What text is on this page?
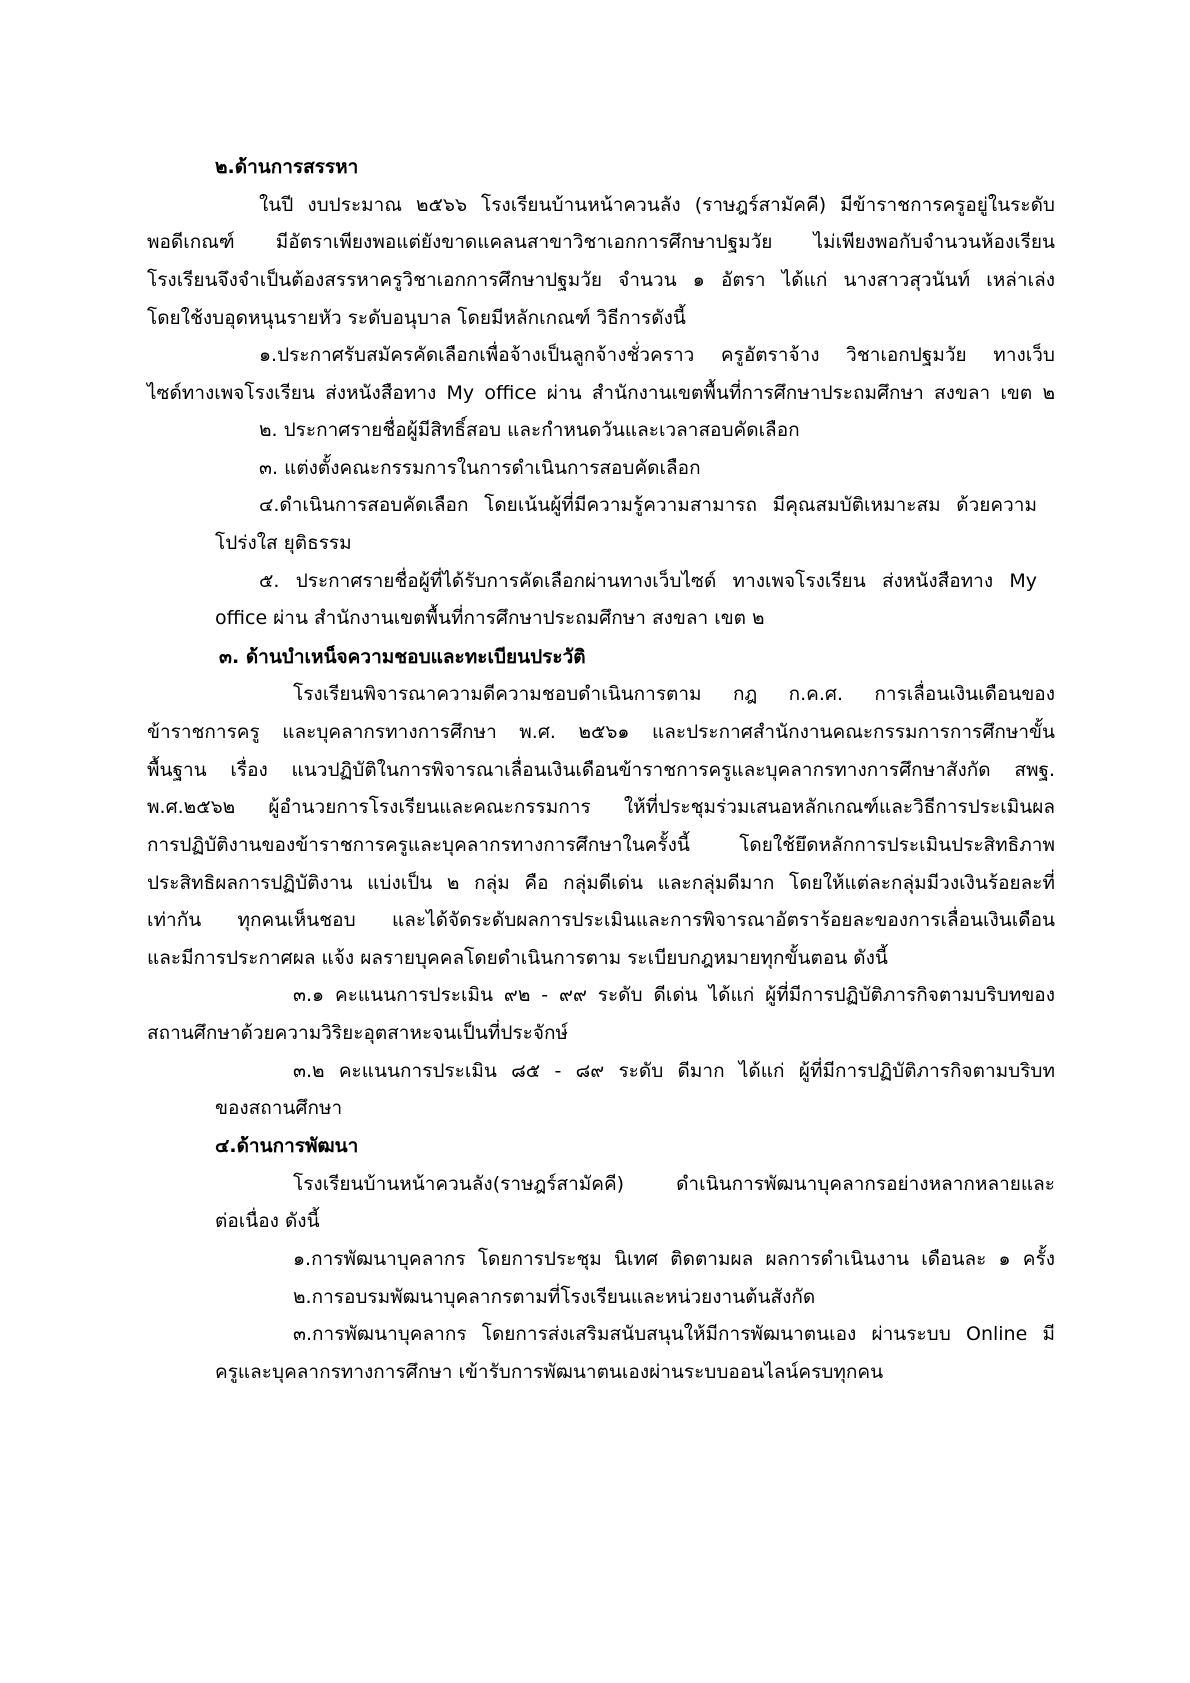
๒.ด้านการสรรหา
ในปี งบประมาณ ๒๕๖๖ โรงเรียนบ้านหน้าควนลัง (ราษฎร์สามัคคี) มีข้าราชการครูอยู่ในระดับ
พอดีเกณฑ์ มีอัตราเพียงพอแต่ยังขาดแคลนสาขาวิชาเอกการศึกษาปฐมวัย ไม่เพียงพอกับจำนวนห้องเรียน
โรงเรียนจึงจำเป็นต้องสรรหาครูวิชาเอกการศึกษาปฐมวัย จำนวน ๑ อัตรา ได้แก่ นางสาวสุวนันท์ เหล่าเล่ง
โดยใช้งบอุดหนุนรายหัว ระดับอนุบาล โดยมีหลักเกณฑ์ วิธีการดังนี้
๑.ประกาศรับสมัครคัดเลือกเพื่อจ้างเป็นลูกจ้างชั่วคราว ครูอัตราจ้าง วิชาเอกปฐมวัย ทางเว็บ
ไซด์ทางเพจโรงเรียน ส่งหนังสือทาง My office ผ่าน สำนักงานเขตพื้นที่การศึกษาประถมศึกษา สงขลา เขต ๒
๒. ประกาศรายชื่อผู้มีสิทธิ์สอบ และกำหนดวันและเวลาสอบคัดเลือก
๓. แต่งตั้งคณะกรรมการในการดำเนินการสอบคัดเลือก
๔.ดำเนินการสอบคัดเลือก โดยเน้นผู้ที่มีความรู้ความสามารถ มีคุณสมบัติเหมาะสม ด้วยความ
โปร่งใส ยุติธรรม
๕. ประกาศรายชื่อผู้ที่ได้รับการคัดเลือกผ่านทางเว็บไซด์ ทางเพจโรงเรียน ส่งหนังสือทาง My
office ผ่าน สำนักงานเขตพื้นที่การศึกษาประถมศึกษา สงขลา เขต ๒
๓. ด้านบำเหน็จความชอบและทะเบียนประวัติ
โรงเรียนพิจารณาความดีความชอบดำเนินการตาม กฎ ก.ค.ศ. การเลื่อนเงินเดือนของ
ข้าราชการครู และบุคลากรทางการศึกษา พ.ศ. ๒๕๖๑ และประกาศสำนักงานคณะกรรมการการศึกษาขั้น
พื้นฐาน เรื่อง แนวปฏิบัติในการพิจารณาเลื่อนเงินเดือนข้าราชการครูและบุคลากรทางการศึกษาสังกัด สพฐ.
พ.ศ.๒๕๖๒ ผู้อำนวยการโรงเรียนและคณะกรรมการ ให้ที่ประชุมร่วมเสนอหลักเกณฑ์และวิธีการประเมินผล
การปฏิบัติงานของข้าราชการครูและบุคลากรทางการศึกษาในครั้งนี้ โดยใช้ยึดหลักการประเมินประสิทธิภาพ
ประสิทธิผลการปฏิบัติงาน แบ่งเป็น ๒ กลุ่ม คือ กลุ่มดีเด่น และกลุ่มดีมาก โดยให้แต่ละกลุ่มมีวงเงินร้อยละที่
เท่ากัน ทุกคนเห็นชอบ และได้จัดระดับผลการประเมินและการพิจารณาอัตราร้อยละของการเลื่อนเงินเดือน
และมีการประกาศผล แจ้ง ผลรายบุคคลโดยดำเนินการตาม ระเบียบกฎหมายทุกขั้นตอน ดังนี้
๓.๑ คะแนนการประเมิน ๙๒ - ๙๙ ระดับ ดีเด่น ได้แก่ ผู้ที่มีการปฏิบัติภารกิจตามบริบทของ
สถานศึกษาด้วยความวิริยะอุตสาหะจนเป็นที่ประจักษ์
๓.๒ คะแนนการประเมิน ๘๕ - ๘๙ ระดับ ดีมาก ได้แก่ ผู้ที่มีการปฏิบัติภารกิจตามบริบท
ของสถานศึกษา
๔.ด้านการพัฒนา
โรงเรียนบ้านหน้าควนลัง(ราษฎร์สามัคคี) ดำเนินการพัฒนาบุคลากรอย่างหลากหลายและ
ต่อเนื่อง ดังนี้
๑.การพัฒนาบุคลากร โดยการประชุม นิเทศ ติดตามผล ผลการดำเนินงาน เดือนละ ๑ ครั้ง
๒.การอบรมพัฒนาบุคลากรตามที่โรงเรียนและหน่วยงานต้นสังกัด
๓.การพัฒนาบุคลากร โดยการส่งเสริมสนับสนุนให้มีการพัฒนาตนเอง ผ่านระบบ Online มี
ครูและบุคลากรทางการศึกษา เข้ารับการพัฒนาตนเองผ่านระบบออนไลน์ครบทุกคน
